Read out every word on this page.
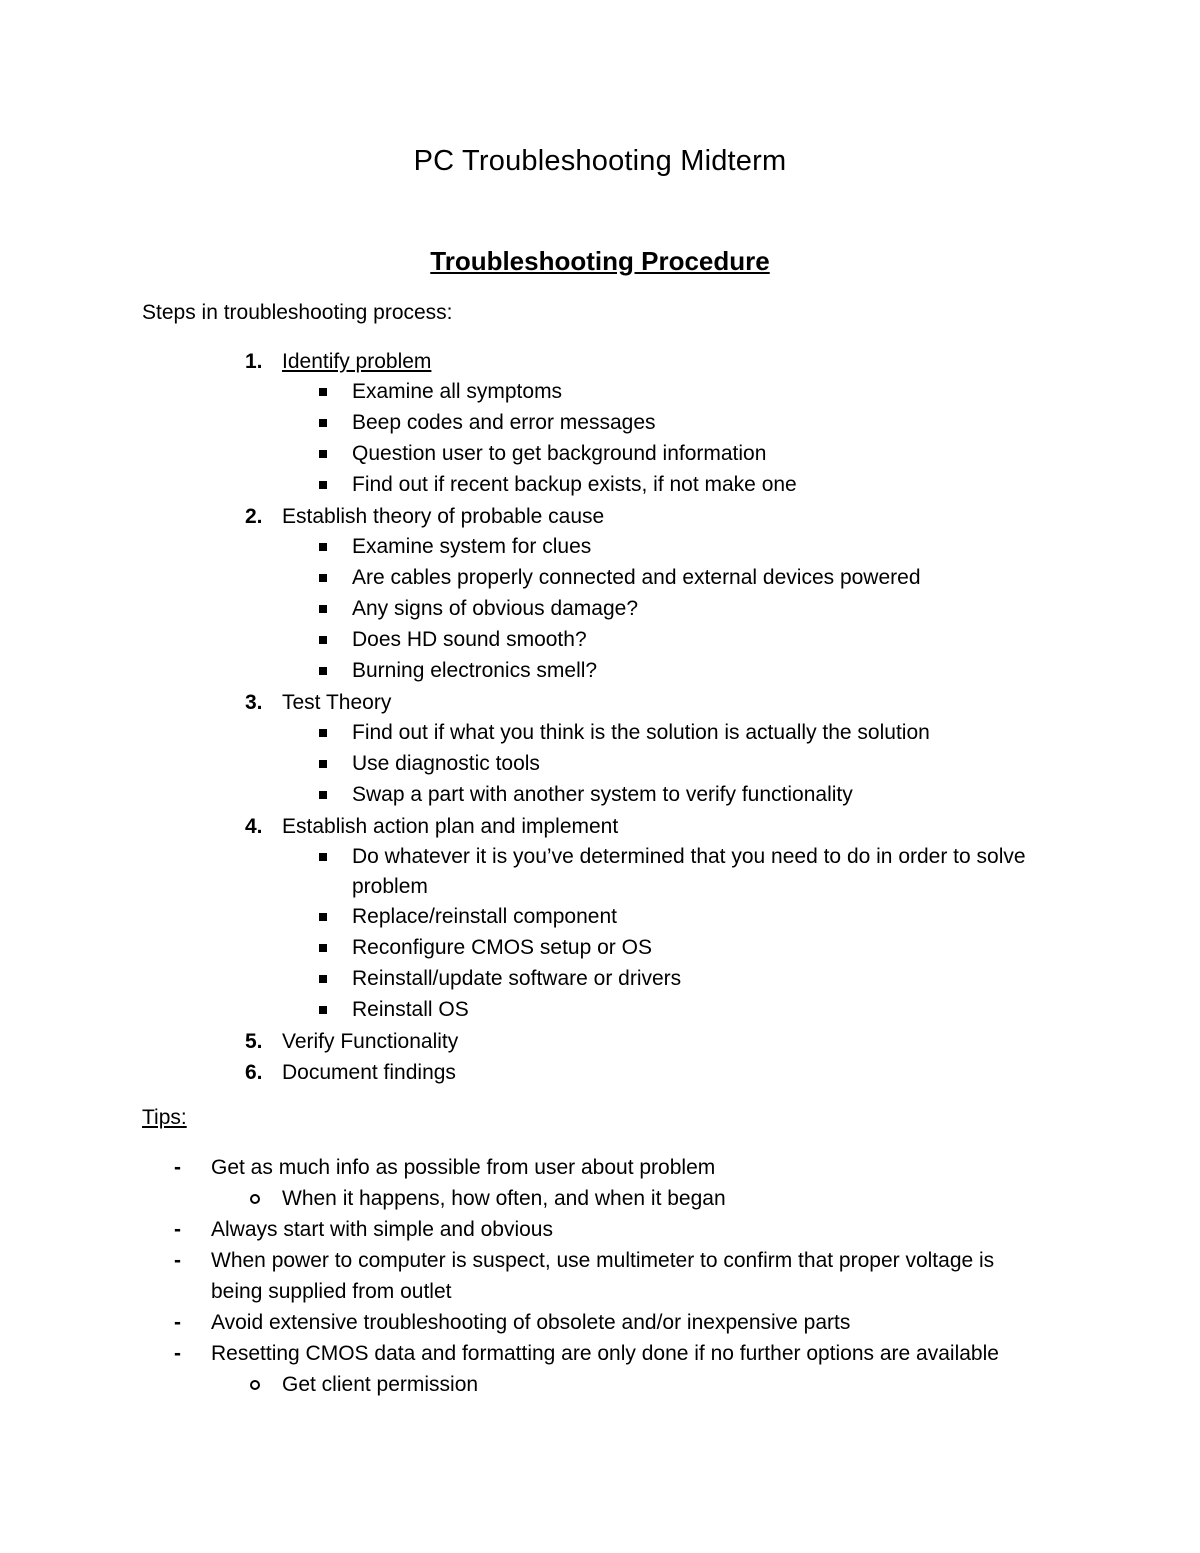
PC Troubleshooting Midterm
Troubleshooting Procedure
Steps in troubleshooting process:
1. Identify problem
Examine all symptoms
Beep codes and error messages
Question user to get background information
Find out if recent backup exists, if not make one
2. Establish theory of probable cause
Examine system for clues
Are cables properly connected and external devices powered
Any signs of obvious damage?
Does HD sound smooth?
Burning electronics smell?
3. Test Theory
Find out if what you think is the solution is actually the solution
Use diagnostic tools
Swap a part with another system to verify functionality
4. Establish action plan and implement
Do whatever it is you’ve determined that you need to do in order to solve problem
Replace/reinstall component
Reconfigure CMOS setup or OS
Reinstall/update software or drivers
Reinstall OS
5. Verify Functionality
6. Document findings
Tips:
- Get as much info as possible from user about problem
When it happens, how often, and when it began
- Always start with simple and obvious
- When power to computer is suspect, use multimeter to confirm that proper voltage is being supplied from outlet
- Avoid extensive troubleshooting of obsolete and/or inexpensive parts
- Resetting CMOS data and formatting are only done if no further options are available
Get client permission
